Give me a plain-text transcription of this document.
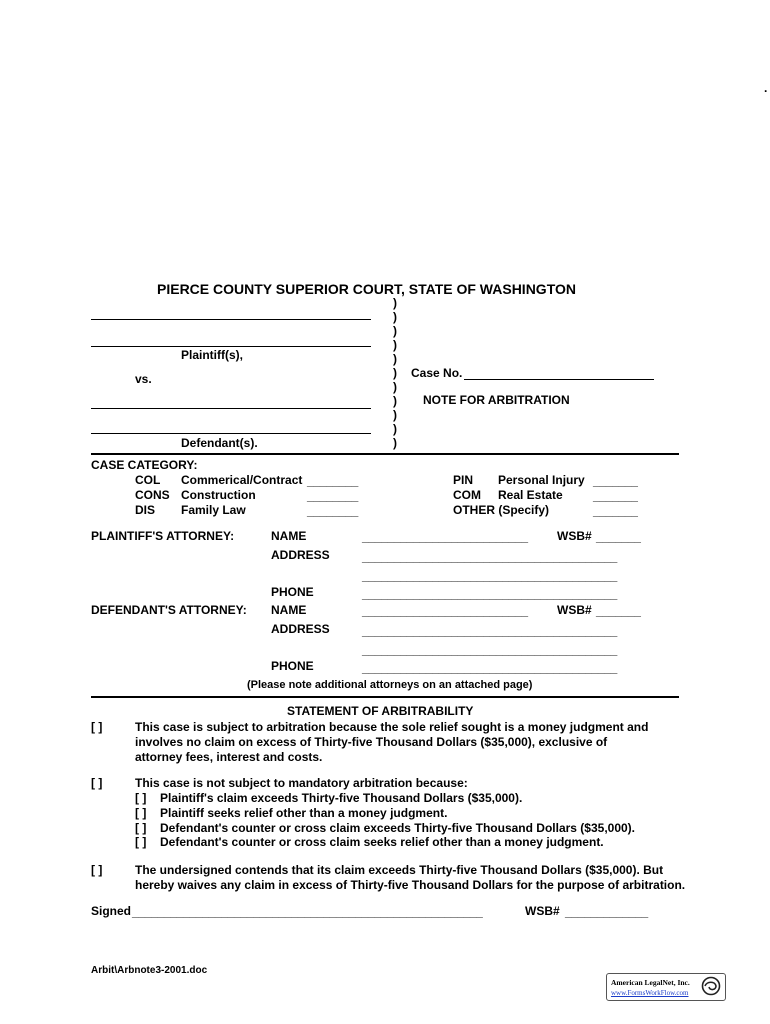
.
PIERCE COUNTY SUPERIOR COURT, STATE OF WASHINGTON
)
)
)
)
)
)
)
)
)
)
)
Plaintiff(s),
vs.
Defendant(s).
Case No.
NOTE FOR ARBITRATION
CASE CATEGORY:
COL Commerical/Contract ________
CONS Construction	________
DIS Family Law	________
PIN Personal Injury _______
COM Real Estate	_______
OTHER (Specify)	_______
PLAINTIFF'S ATTORNEY:	NAME	__________________________ WSB# _______
ADDRESS	________________________________________
________________________________________
PHONE	________________________________________
DEFENDANT'S ATTORNEY: NAME	__________________________ WSB# _______
ADDRESS	________________________________________
________________________________________
PHONE	________________________________________
(Please note additional attorneys on an attached page)
STATEMENT OF ARBITRABILITY
[ ]	This case is subject to arbitration because the sole relief sought is a money judgment and
involves no claim on excess of Thirty-five Thousand Dollars ($35,000), exclusive of
attorney fees, interest and costs.
[ ]	This case is not subject to mandatory arbitration because:
[ ] Plaintiff's claim exceeds Thirty-five Thousand Dollars ($35,000).
[ ] Plaintiff seeks relief other than a money judgment.
[ ] Defendant's counter or cross claim exceeds Thirty-five Thousand Dollars ($35,000).
[ ] Defendant's counter or cross claim seeks relief other than a money judgment.
[ ]	The undersigned contends that its claim exceeds Thirty-five Thousand Dollars ($35,000). But
hereby waives any claim in excess of Thirty-five Thousand Dollars for the purpose of arbitration.
Signed _______________________________________________________	WSB# _____________
Arbit\Arbnote3-2001.doc
American LegalNet, Inc.
www.FormsWorkFlow.com
